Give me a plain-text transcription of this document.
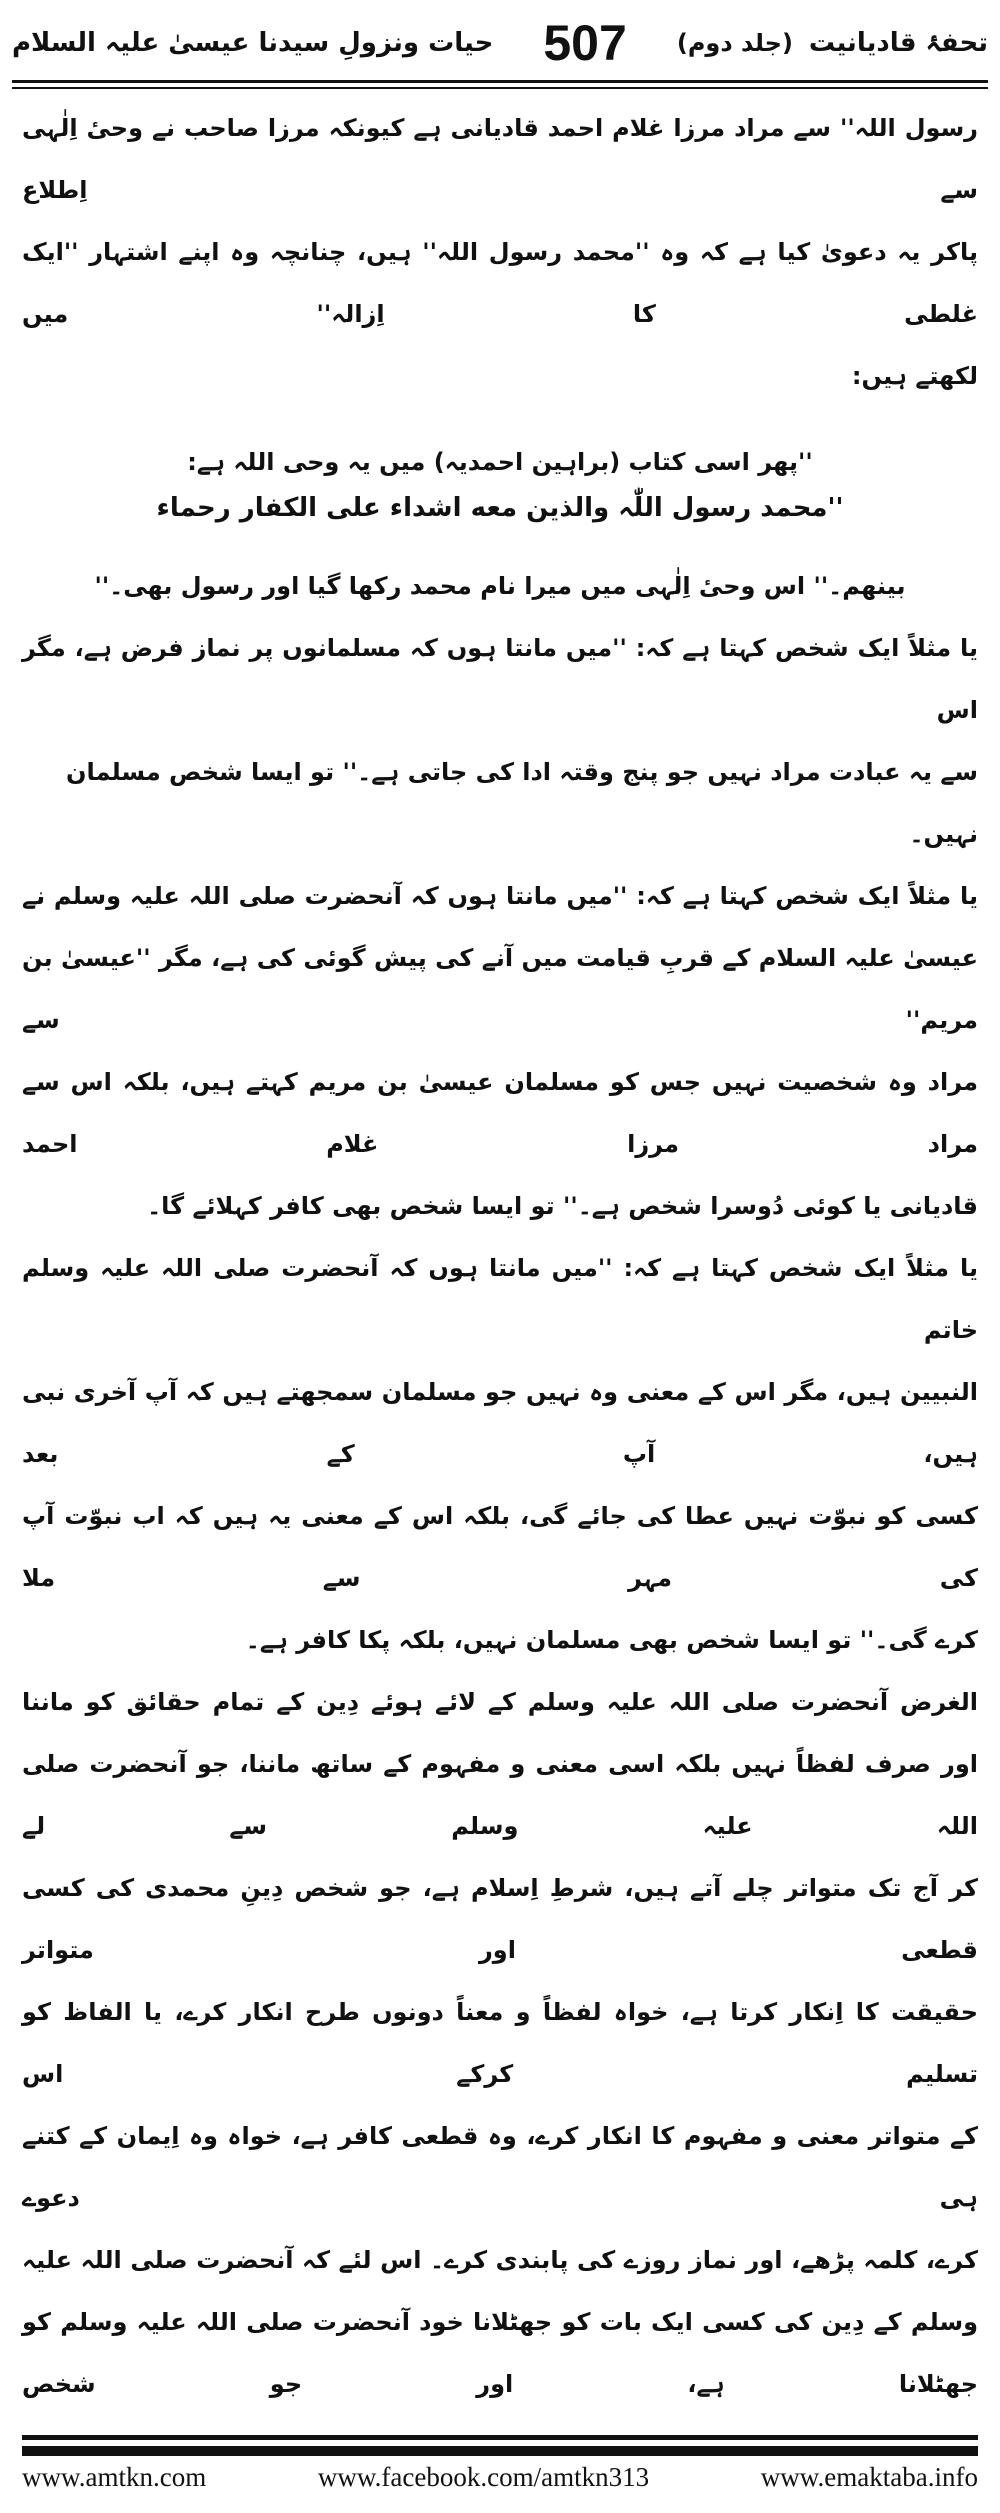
حیات ونزولِ سیدنا عیسیٰ علیہ السلام 507 (جلد دوم) تحفۂ قادیانیت
رسول اللہ'' سے مراد مرزا غلام احمد قادیانی ہے کیونکہ مرزا صاحب نے وحیٔ اِلٰہی سے اِطلاع
پاکر یہ دعویٰ کیا ہے کہ وہ ''محمد رسول اللہ'' ہیں، چنانچہ وہ اپنے اشتہار ''ایک غلطی کا اِزالہ'' میں
لکھتے ہیں:
''پھر اسی کتاب (براہین احمدیہ) میں یہ وحی اللہ ہے:
''محمد رسول اللّٰہ والذین معه اشداء علی الکفار رحماء
بینھم۔'' اس وحیٔ اِلٰہی میں میرا نام محمد رکھا گیا اور رسول بھی۔''
یا مثلاً ایک شخص کہتا ہے کہ: ''میں مانتا ہوں کہ مسلمانوں پر نماز فرض ہے، مگر اس
سے یہ عبادت مراد نہیں جو پنج وقتہ ادا کی جاتی ہے۔'' تو ایسا شخص مسلمان نہیں۔
یا مثلاً ایک شخص کہتا ہے کہ: ''میں مانتا ہوں کہ آنحضرت صلی اللہ علیہ وسلم نے
عیسیٰ علیہ السلام کے قربِ قیامت میں آنے کی پیش گوئی کی ہے، مگر ''عیسیٰ بن مریم'' سے
مراد وہ شخصیت نہیں جس کو مسلمان عیسیٰ بن مریم کہتے ہیں، بلکہ اس سے مراد مرزا غلام احمد
قادیانی یا کوئی دُوسرا شخص ہے۔'' تو ایسا شخص بھی کافر کہلائے گا۔
یا مثلاً ایک شخص کہتا ہے کہ: ''میں مانتا ہوں کہ آنحضرت صلی اللہ علیہ وسلم خاتم
النبیین ہیں، مگر اس کے معنی وہ نہیں جو مسلمان سمجھتے ہیں کہ آپ آخری نبی ہیں، آپ کے بعد
کسی کو نبوّت نہیں عطا کی جائے گی، بلکہ اس کے معنی یہ ہیں کہ اب نبوّت آپ کی مہر سے ملا
کرے گی۔'' تو ایسا شخص بھی مسلمان نہیں، بلکہ پکا کافر ہے۔
الغرض آنحضرت صلی اللہ علیہ وسلم کے لائے ہوئے دِین کے تمام حقائق کو ماننا
اور صرف لفظاً نہیں بلکہ اسی معنی و مفہوم کے ساتھ ماننا، جو آنحضرت صلی اللہ علیہ وسلم سے لے
کر آج تک متواتر چلے آتے ہیں، شرطِ اِسلام ہے، جو شخص دِینِ محمدی کی کسی قطعی اور متواتر
حقیقت کا اِنکار کرتا ہے، خواہ لفظاً و معناً دونوں طرح انکار کرے، یا الفاظ کو تسلیم کرکے اس
کے متواتر معنی و مفہوم کا انکار کرے، وہ قطعی کافر ہے، خواہ وہ اِیمان کے کتنے ہی دعوے
کرے، کلمہ پڑھے، اور نماز روزے کی پابندی کرے۔ اس لئے کہ آنحضرت صلی اللہ علیہ
وسلم کے دِین کی کسی ایک بات کو جھٹلانا خود آنحضرت صلی اللہ علیہ وسلم کو جھٹلانا ہے، اور جو شخص
www.amtkn.com	www.facebook.com/amtkn313	www.emaktaba.info
